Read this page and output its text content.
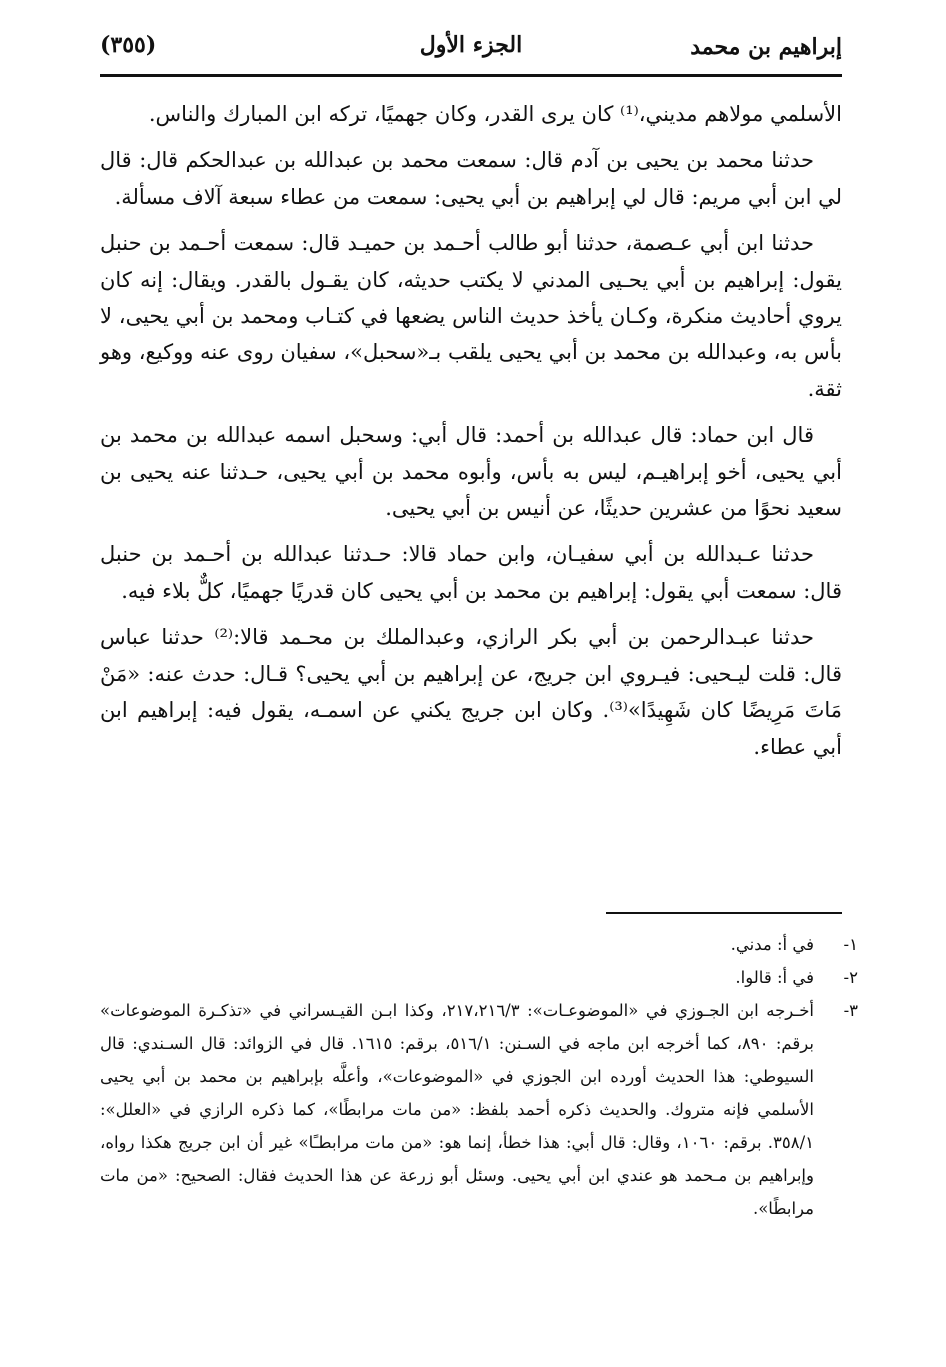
إبراهيم بن محمد
الجزء الأول
(٣٥٥)

الأسلمي مولاهم مديني،⁽¹⁾ كان يرى القدر، وكان جهميًا، تركه ابن المبارك والناس.

حدثنا محمد بن يحيى بن آدم قال: سمعت محمد بن عبدالله بن عبدالحكم قال: قال لي ابن أبي مريم: قال لي إبراهيم بن أبي يحيى: سمعت من عطاء سبعة آلاف مسألة.

حدثنا ابن أبي عـصمة، حدثنا أبو طالب أحـمد بن حميـد قال: سمعت أحـمد بن حنبل يقول: إبراهيم بن أبي يحـيى المدني لا يكتب حديثه، كان يقـول بالقدر. ويقال: إنه كان يروي أحاديث منكرة، وكـان يأخذ حديث الناس يضعها في كتـاب ومحمد بن أبي يحيى، لا بأس به، وعبدالله بن محمد بن أبي يحيى يلقب بـ«سحبل»، سفيان روى عنه ووكيع، وهو ثقة.

قال ابن حماد: قال عبدالله بن أحمد: قال أبي: وسحبل اسمه عبدالله بن محمد بن أبي يحيى، أخو إبراهيـم، ليس به بأس، وأبوه محمد بن أبي يحيى، حـدثنا عنه يحيى بن سعيد نحوًا من عشرين حديثًا، عن أنيس بن أبي يحيى.

حدثنا عـبدالله بن أبي سفيـان، وابن حماد قالا: حـدثنا عبدالله بن أحـمد بن حنبل قال: سمعت أبي يقول: إبراهيم بن محمد بن أبي يحيى كان قدريًا جهميًا، كلٌّ بلاء فيه.

حدثنا عبـدالرحمن بن أبي بكر الرازي، وعبدالملك بن محـمد قالا:⁽²⁾ حدثنا عباس قال: قلت ليـحيى: فيـروي ابن جريج، عن إبراهيم بن أبي يحيى؟ قـال: حدث عنه: «مَنْ مَاتَ مَرِيضًا كان شَهِيدًا»⁽³⁾. وكان ابن جريج يكني عن اسمـه، يقول فيه: إبراهيم ابن أبي عطاء.

١-في أ: مدني.

٢-في أ: قالوا.

٣-أخـرجه ابن الجـوزي في «الموضوعـات»: ٢١٧،٢١٦/٣، وكذا ابـن القيـسراني في «تذكـرة الموضوعات» برقم: ٨٩٠، كما أخرجه ابن ماجه في السـنن: ٥١٦/١، برقم: ١٦١٥. قال في الزوائد: قال السـندي: قال السيوطي: هذا الحديث أورده ابن الجوزي في «الموضوعات»، وأعلَّه بإبراهيم بن محمد بن أبي يحيى الأسلمي فإنه متروك. والحديث ذكره أحمد بلفظ: «من مات مرابطًا»، كما ذكره الرازي في «العلل»: ٣٥٨/١. برقم: ١٠٦٠، وقال: قال أبي: هذا خطأ، إنما هو: «من مات مرابطـًا» غير أن ابن جريج هكذا رواه، وإبراهيم بن مـحمد هو عندي ابن أبي يحيى. وسئل أبو زرعة عن هذا الحديث فقال: الصحيح: «من مات مرابطًا».
